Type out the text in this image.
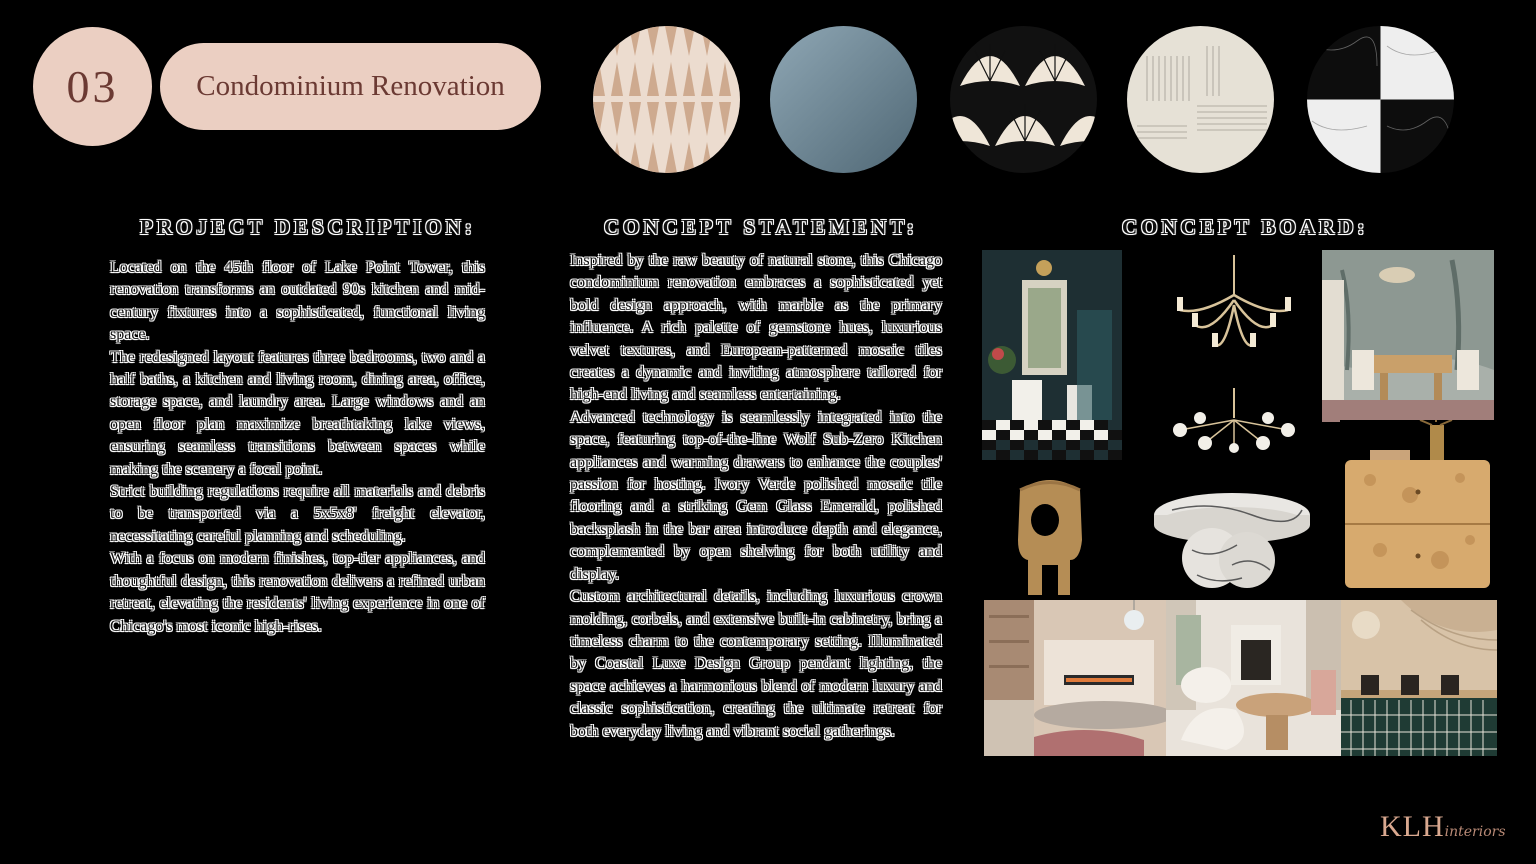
03	Condominium Renovation
PROJECT DESCRIPTION:	CONCEPT STATEMENT:	CONCEPT BOARD:

Located on the 45th floor of Lake Point Tower, this renovation transforms an outdated 90s kitchen and mid-century fixtures into a sophisticated, functional living space.

The redesigned layout features three bedrooms, two and a half baths, a kitchen and living room, dining area, office, storage space, and laundry area. Large windows and an open floor plan maximize breathtaking lake views, ensuring seamless transitions between spaces while making the scenery a focal point.

Strict building regulations require all materials and debris to be transported via a 5x5x8' freight elevator, necessitating careful planning and scheduling.

With a focus on modern finishes, top-tier appliances, and thoughtful design, this renovation delivers a refined urban retreat, elevating the residents' living experience in one of Chicago's most iconic high-rises.

Inspired by the raw beauty of natural stone, this Chicago condominium renovation embraces a sophisticated yet bold design approach, with marble as the primary influence. A rich palette of gemstone hues, luxurious velvet textures, and European-patterned mosaic tiles creates a dynamic and inviting atmosphere tailored for high-end living and seamless entertaining.

Advanced technology is seamlessly integrated into the space, featuring top-of-the-line Wolf Sub-Zero Kitchen appliances and warming drawers to enhance the couples' passion for hosting. Ivory Verde polished mosaic tile flooring and a striking Gem Glass Emerald, polished backsplash in the bar area introduce depth and elegance, complemented by open shelving for both utility and display.

Custom architectural details, including luxurious crown molding, corbels, and extensive built-in cabinetry, bring a timeless charm to the contemporary setting. Illuminated by Coastal Luxe Design Group pendant lighting, the space achieves a harmonious blend of modern luxury and classic sophistication, creating the ultimate retreat for both everyday living and vibrant social gatherings.

KLHinteriors
